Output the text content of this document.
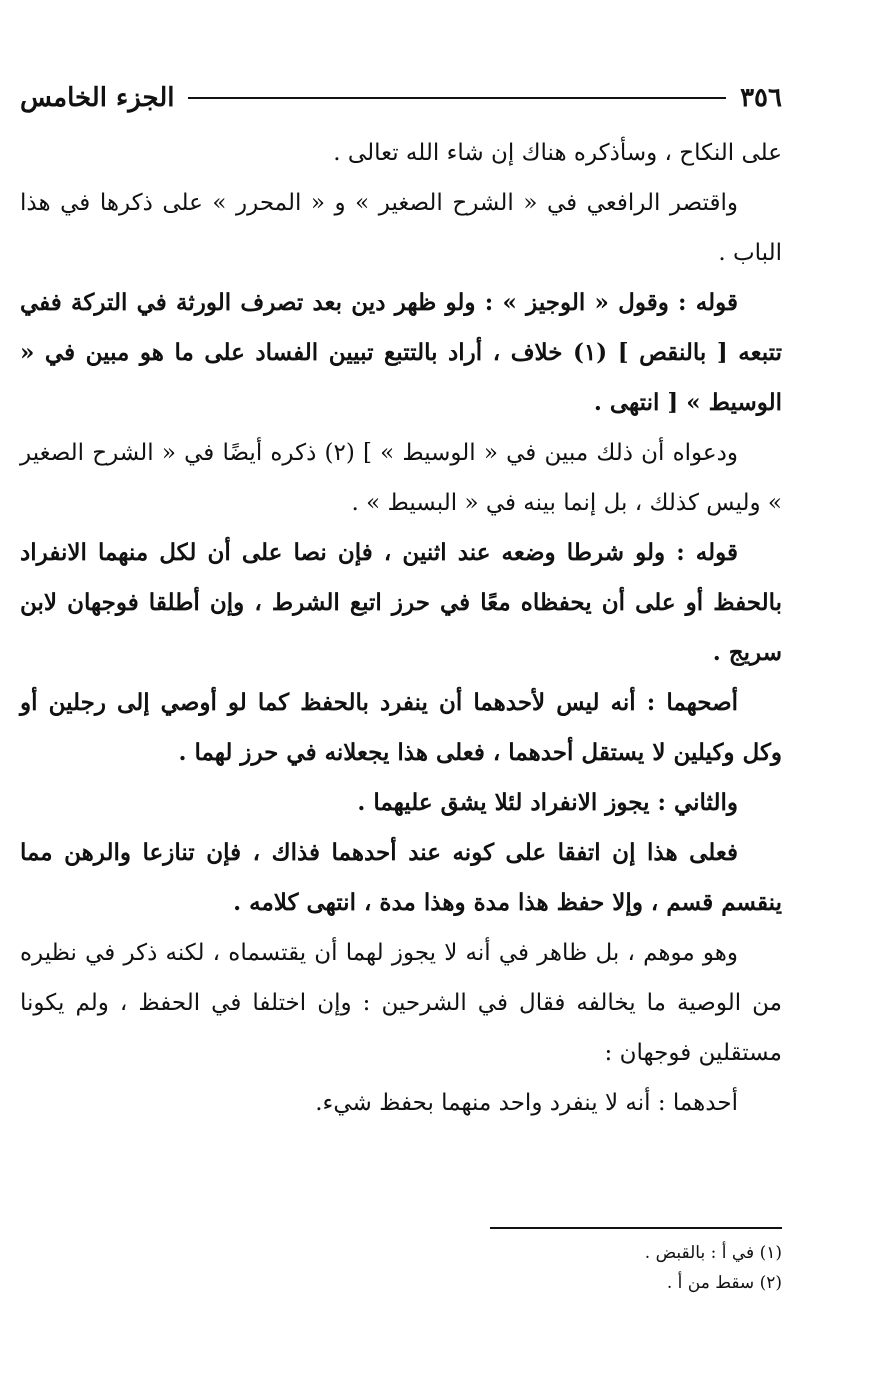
٣٥٦
الجزء الخامس

على النكاح ، وسأذكره هناك إن شاء الله تعالى .

واقتصر الرافعي في « الشرح الصغير » و « المحرر » على ذكرها في هذا الباب .

قوله : وقول « الوجيز » : ولو ظهر دين بعد تصرف الورثة في التركة ففي تتبعه [ بالنقص ] (١) خلاف ، أراد بالتتبع تبيين الفساد على ما هو مبين في « الوسيط » [ انتهى .

ودعواه أن ذلك مبين في « الوسيط » ] (٢) ذكره أيضًا في « الشرح الصغير » وليس كذلك ، بل إنما بينه في « البسيط » .

قوله : ولو شرطا وضعه عند اثنين ، فإن نصا على أن لكل منهما الانفراد بالحفظ أو على أن يحفظاه معًا في حرز اتبع الشرط ، وإن أطلقا فوجهان لابن سريج .

أصحهما : أنه ليس لأحدهما أن ينفرد بالحفظ كما لو أوصي إلى رجلين أو وكل وكيلين لا يستقل أحدهما ، فعلى هذا يجعلانه في حرز لهما .

والثاني : يجوز الانفراد لئلا يشق عليهما .

فعلى هذا إن اتفقا على كونه عند أحدهما فذاك ، فإن تنازعا والرهن مما ينقسم قسم ، وإلا حفظ هذا مدة وهذا مدة ، انتهى كلامه .

وهو موهم ، بل ظاهر في أنه لا يجوز لهما أن يقتسماه ، لكنه ذكر في نظيره من الوصية ما يخالفه فقال في الشرحين : وإن اختلفا في الحفظ ، ولم يكونا مستقلين فوجهان :

أحدهما : أنه لا ينفرد واحد منهما بحفظ شيء.

(١) في أ : بالقبض .
(٢) سقط من أ .
